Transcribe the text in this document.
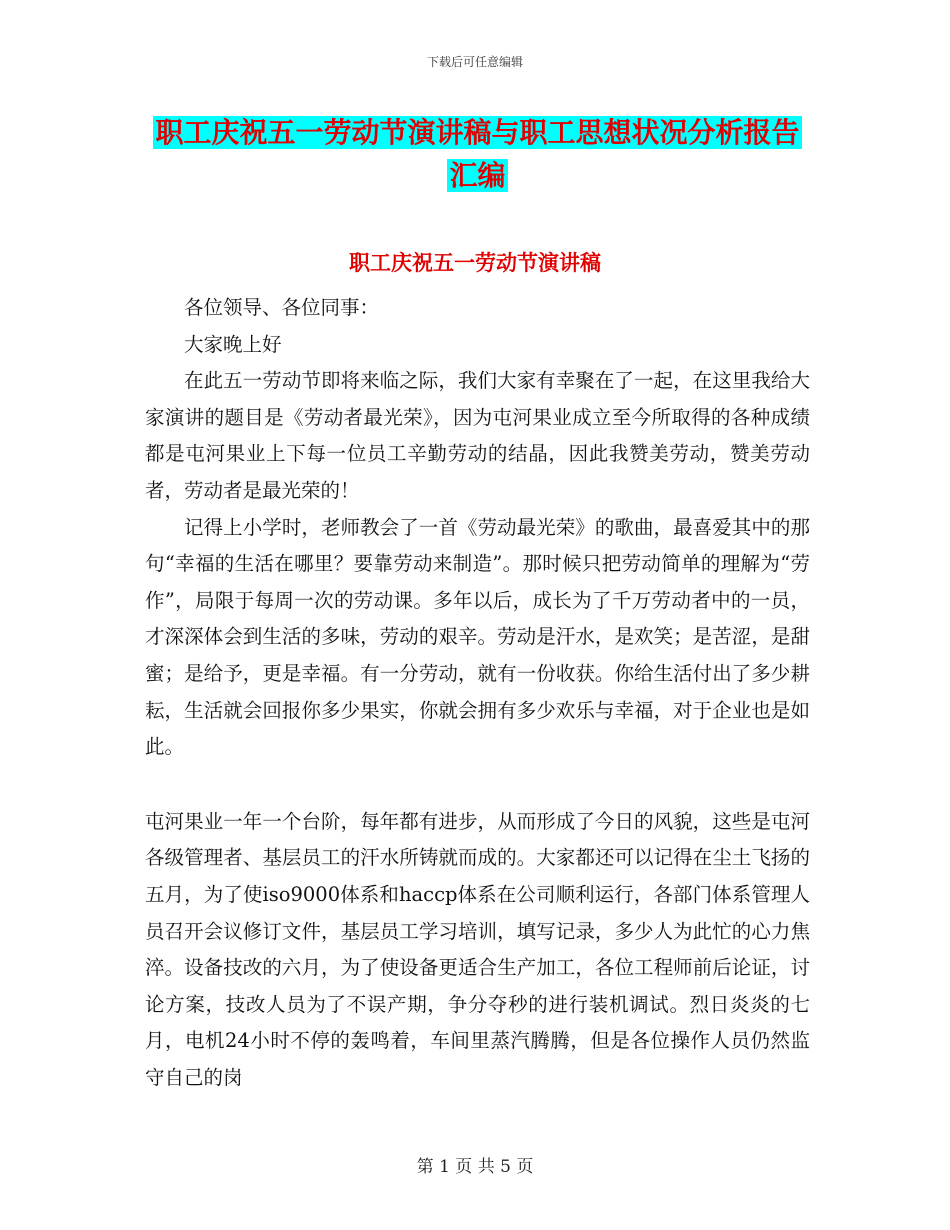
下载后可任意编辑
职工庆祝五一劳动节演讲稿与职工思想状况分析报告
汇编
职工庆祝五一劳动节演讲稿

各位领导、各位同事：

大家晚上好

在此五一劳动节即将来临之际，我们大家有幸聚在了一起，在这里我给大家演讲的题目是《劳动者最光荣》，因为屯河果业成立至今所取得的各种成绩都是屯河果业上下每一位员工辛勤劳动的结晶，因此我赞美劳动，赞美劳动者，劳动者是最光荣的！

记得上小学时，老师教会了一首《劳动最光荣》的歌曲，最喜爱其中的那句“幸福的生活在哪里？要靠劳动来制造”。那时候只把劳动简单的理解为“劳作”，局限于每周一次的劳动课。多年以后，成长为了千万劳动者中的一员，才深深体会到生活的多味，劳动的艰辛。劳动是汗水，是欢笑；是苦涩，是甜蜜；是给予，更是幸福。有一分劳动，就有一份收获。你给生活付出了多少耕耘，生活就会回报你多少果实，你就会拥有多少欢乐与幸福，对于企业也是如此。

屯河果业一年一个台阶，每年都有进步，从而形成了今日的风貌，这些是屯河各级管理者、基层员工的汗水所铸就而成的。大家都还可以记得在尘土飞扬的五月，为了使iso9000体系和haccp体系在公司顺利运行，各部门体系管理人员召开会议修订文件，基层员工学习培训，填写记录，多少人为此忙的心力焦淬。设备技改的六月，为了使设备更适合生产加工，各位工程师前后论证，讨论方案，技改人员为了不误产期，争分夺秒的进行装机调试。烈日炎炎的七月，电机24小时不停的轰鸣着，车间里蒸汽腾腾，但是各位操作人员仍然监守自己的岗

第 1 页 共 5 页
